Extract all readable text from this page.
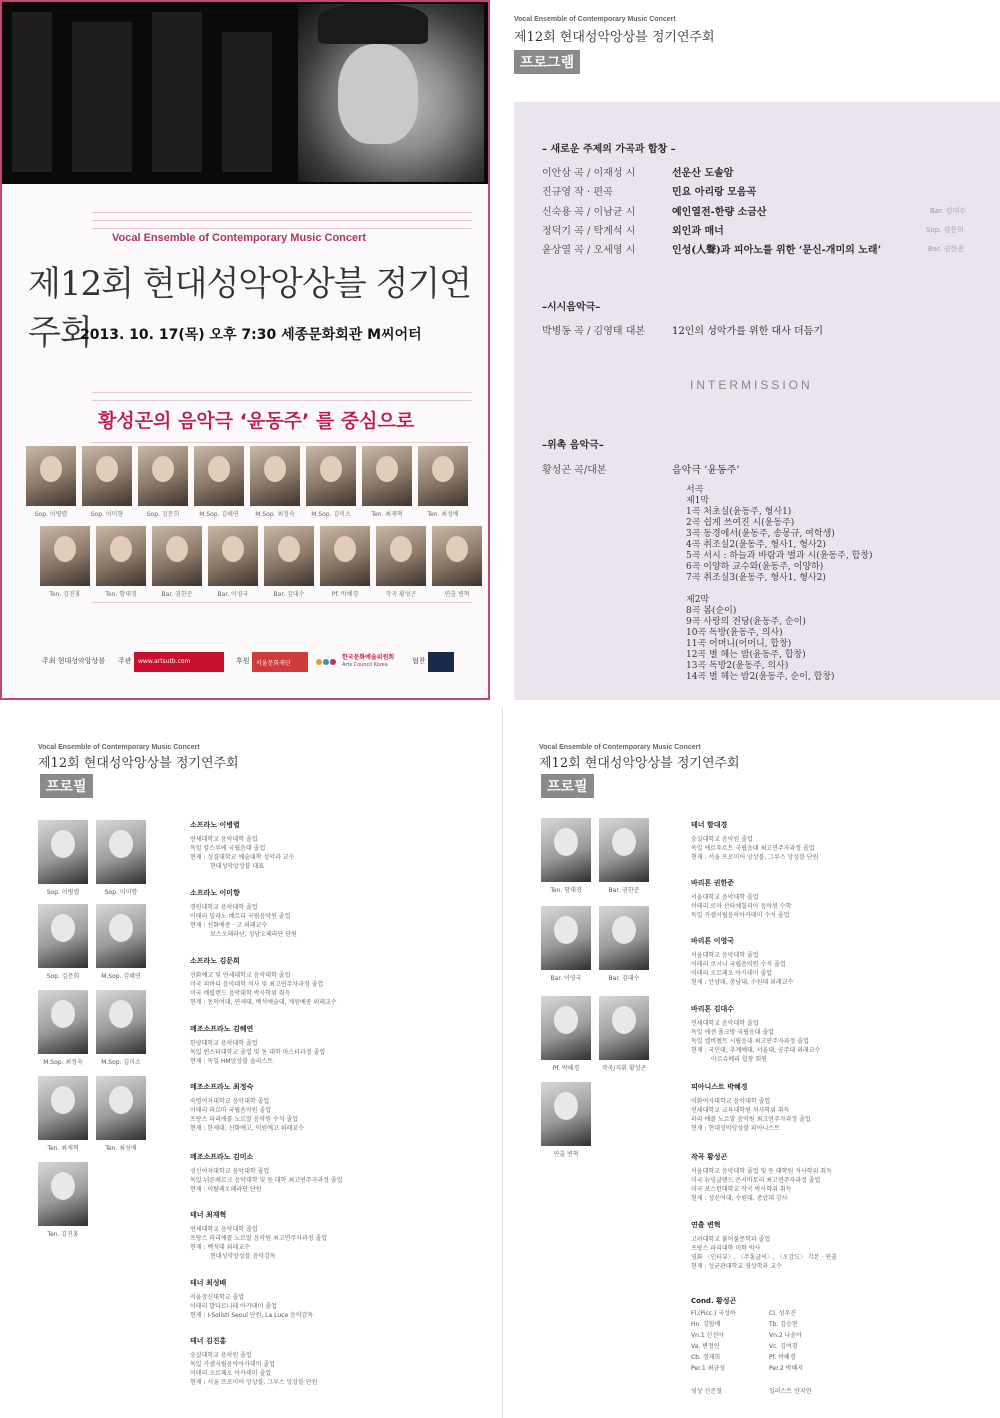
Vocal Ensemble of Contemporary Music Concert
제12회 현대성악앙상블 정기연주회
2013. 10. 17(목) 오후 7:30 세종문화회관 M씨어터
황성곤의 음악극 ‘윤동주’ 를 중심으로
Sop. 이병렬	Sop. 이미향	Sop. 김문희	M.Sop. 김혜연	M.Sop. 최정숙	M.Sop. 김미소	Ten. 최재혁	Ten. 최성배
Ten. 김진홍	Ten. 함대경	Bar. 권한준	Bar. 이영국	Bar. 김대수	Pf. 박혜경	작곡 황성곤	연출 변혁
주최 현대성악앙상블 주관 www.artsutb.com	후원 서울문화재단
한국문화예술위원회
Arts Council Korea	협찬
Vocal Ensemble of Contemporary Music Concert
제12회 현대성악앙상블 정기연주회
프로그램
– 새로운 주제의 가곡과 합창 –
이안삼 곡 / 이재성 시	선운산 도솔암
진규영 작 · 편곡	민요 아리랑 모음곡
신숙용 곡 / 이남균 시	예인열전-한량 소금산	Bar. 김대수
정덕기 곡 / 탁계석 시	외인과 매너	Sop. 김문희
윤상열 곡 / 오세영 시	인성(人聲)과 피아노를 위한 ‘문신-개미의 노래’	Bar. 권한준
–시시음악극–
박병동 곡 / 김영태 대본	12인의 성악가를 위한 대사 더듬기
INTERMISSION
–위촉 음악극–
황성곤 곡/대본	음악극 ‘윤동주’
서곡
제1막
1곡 처초실(윤동주, 형사1)
2곡 쉽게 쓰여진 시(윤동주)
3곡 동경에서(윤동주, 송몽규, 여학생)
4곡 취조실2(윤동주, 형사1, 형사2)
5곡 서시 : 하늘과 바람과 별과 시(윤동주, 합창)
6곡 이양하 교수와(윤동주, 이양하)
7곡 취조실3(윤동주, 형사1, 형사2)
제2막
8곡 봄(순이)
9곡 사랑의 전당(윤동주, 순이)
10곡 독방(윤동주, 의사)
11곡 어머니(어머니, 합창)
12곡 별 헤는 밤(윤동주, 합창)
13곡 독방2(윤동주, 의사)
14곡 별 헤는 밤2(윤동주, 순이, 합창)
Vocal Ensemble of Contemporary Music Concert
제12회 현대성악앙상블 정기연주회
프로필
Sop. 이병렬	Sop. 이미향
Sop. 김문희	M.Sop. 김혜연
M.Sop. 최정숙	M.Sop. 김미소
Ten. 최재혁	Ten. 최성배
Ten. 김진홍
소프라노 이병렬
연세대학교 음악대학 졸업
독일 칼스루에 국립음대 졸업
현재 : 성결대학교 예술대학 성악과 교수
현대성악앙상블 대표
소프라노 이미향
경원대학교 음악대학 졸업
이태리 밀라노 베르디 국립음악원 졸업
현재 : 선화예중 · 고 외래교수
보스오페라단, 성남오페라단 단원
소프라노 김문희
선화예고 및 연세대학교 음악대학 졸업
미국 피바디 음악대학 석사 및 최고연주자과정 졸업
미국 메릴랜드 음악대학 박사학위 취득
현재 : 동덕여대, 연세대, 백석예술대, 계원예중 외래교수
메조소프라노 김혜연
한양대학교 음악대학 졸업
독일 뮌스터대학교 졸업 및 동 대학 마스터과정 졸업
현재 : 독일 HM앙상블 솔리스트
메조소프라노 최정숙
숙명여자대학교 음악대학 졸업
이태리 파르마 국립음악원 졸업
프랑스 파리에콜 노르말 음악원 수석 졸업
현재 : 한세대, 선화예고, 덕원예고 외래교수
메조소프라노 김미소
성신여자대학교 음악대학 졸업
독일 뉘른베르크 음악대학 및 동 대학 최고연주자과정 졸업
현재 : 이탈레오페라단 단원
테너 최재혁
연세대학교 음악대학 졸업
프랑스 파리에콜 노르말 음악원 최고연주자과정 졸업
현재 : 백석대 외래교수
현대성악앙상블 음악감독
테너 최성배
서울장신대학교 졸업
이태리 발다르니레 아카데미 졸업
현재 : I-Solisti Seoul 단원, La Luce 음악감독
테너 김진홍
숭실대학교 음악원 졸업
독일 카셀시립음악아카데미 졸업
이태리 오르페오 아카데미 졸업
현재 : 서울 프로미어 앙상블, 그루스 앙상블 단원
Vocal Ensemble of Contemporary Music Concert
제12회 현대성악앙상블 정기연주회
프로필
Ten. 함대경	Bar. 권한준
Bar. 이영국	Bar. 김대수
Pf. 박혜경	작곡/지휘 황성곤
연출 변혁
테너 함대경
숭실대학교 음악원 졸업
독일 에르푸르트 국립음대 최고연주자과정 졸업
현재 : 서울 프로미어 앙상블, 그루스 앙상블 단원
바리톤 권한준
서울대학교 음악대학 졸업
이태리 로마 산타체칠리아 음악원 수학
독일 카셀시립음악아카데미 수석 졸업
바리톤 이영국
서울대학교 음악대학 졸업
이태리 로시니 국립음악원 수석 졸업
이태리 오르페오 아카데미 졸업
현재 : 안양대, 충남대, 수원대 외래교수
바리톤 김대수
연세대학교 음악대학 졸업
독일 에센 폴크방 국립음대 졸업
독일 엘버펠트 시립음대 최고연주자과정 졸업
현재 : 국민대, 추계예대, 서울대, 공주대 외래교수
아르슈베리 합창 회원
피아니스트 박혜경
이화여자대학교 음악대학 졸업
연세대학교 교육대학원 석사학위 취득
파리 에콜 노르말 음악원 최고연주자과정 졸업
현재 : 현대성악앙상블 피아니스트
작곡 황성곤
서울대학교 음악대학 졸업 및 동 대학원 석사학위 취득
미국 뉴잉글랜드 콘서바토리 최고연주자과정 졸업
미국 보스턴대학교 작곡 박사학위 취득
현재 : 성신여대, 수원대, 중앙대 강사
연출 변혁
고려대학교 불어불문학과 졸업
프랑스 파리대학 미학 박사
영화 〈인터뷰〉, 〈주홍글씨〉, 〈오감도〉 각본 · 연출
현재 : 성균관대학교 영상학과 교수
Cond. 황성곤
Fl.(Picc.) 국성하	Cl. 성우진
Hn. 김탑배	Tb. 김승현
Vn.1 신선아	Vn.2 나윤아
Va. 변정인	Vc. 김여경
Cb. 정재희	Pf. 박혜경
Per.1 최금성	Per.2 박혜지
영상 신준철	일러스트 안지연
